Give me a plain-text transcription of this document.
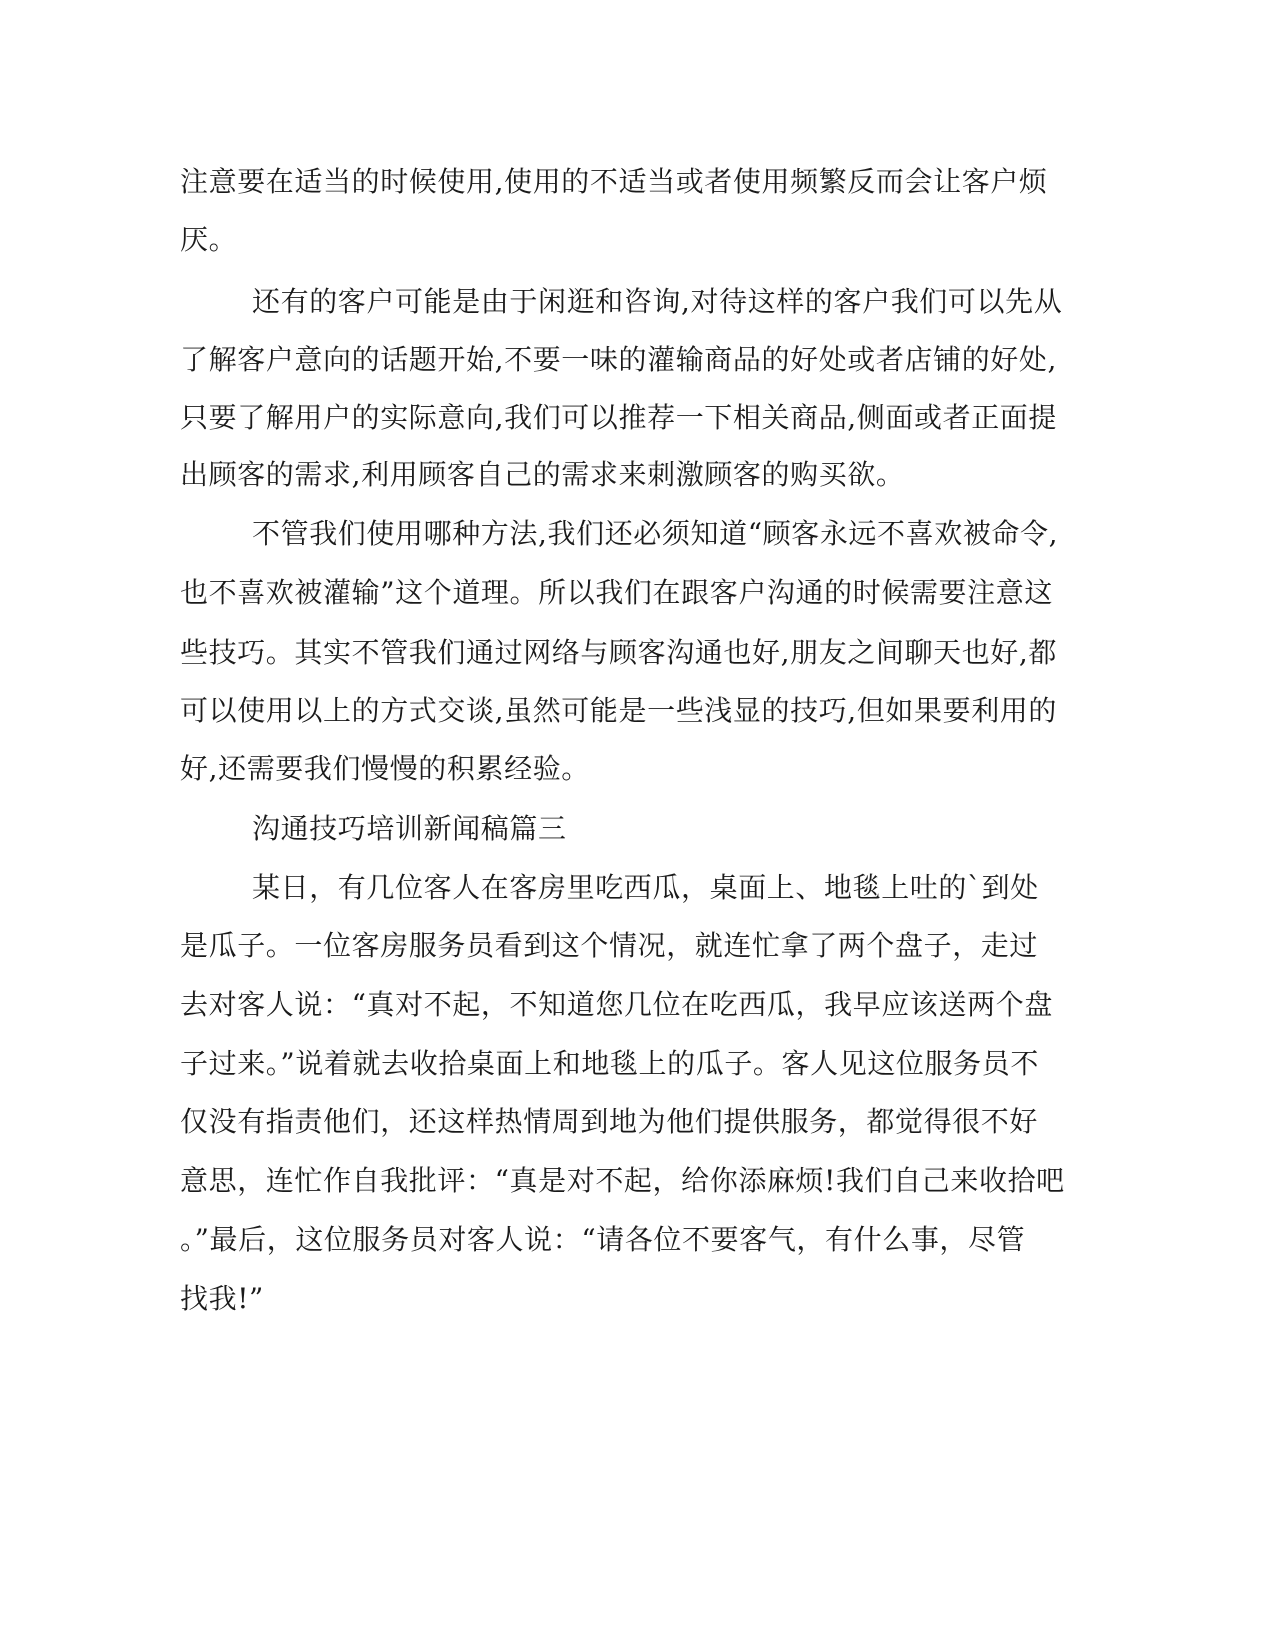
注意要在适当的时候使用,使用的不适当或者使用频繁反而会让客户烦
厌。
还有的客户可能是由于闲逛和咨询,对待这样的客户我们可以先从
了解客户意向的话题开始,不要一味的灌输商品的好处或者店铺的好处,
只要了解用户的实际意向,我们可以推荐一下相关商品,侧面或者正面提
出顾客的需求,利用顾客自己的需求来刺激顾客的购买欲。
不管我们使用哪种方法,我们还必须知道“顾客永远不喜欢被命令,
也不喜欢被灌输”这个道理。所以我们在跟客户沟通的时候需要注意这
些技巧。其实不管我们通过网络与顾客沟通也好,朋友之间聊天也好,都
可以使用以上的方式交谈,虽然可能是一些浅显的技巧,但如果要利用的
好,还需要我们慢慢的积累经验。
沟通技巧培训新闻稿篇三
某日，有几位客人在客房里吃西瓜，桌面上、地毯上吐的`到处
是瓜子。一位客房服务员看到这个情况，就连忙拿了两个盘子，走过
去对客人说：“真对不起，不知道您几位在吃西瓜，我早应该送两个盘
子过来。”说着就去收拾桌面上和地毯上的瓜子。客人见这位服务员不
仅没有指责他们，还这样热情周到地为他们提供服务，都觉得很不好
意思，连忙作自我批评：“真是对不起，给你添麻烦!我们自己来收拾吧
。”最后，这位服务员对客人说：“请各位不要客气，有什么事，尽管
找我!”
